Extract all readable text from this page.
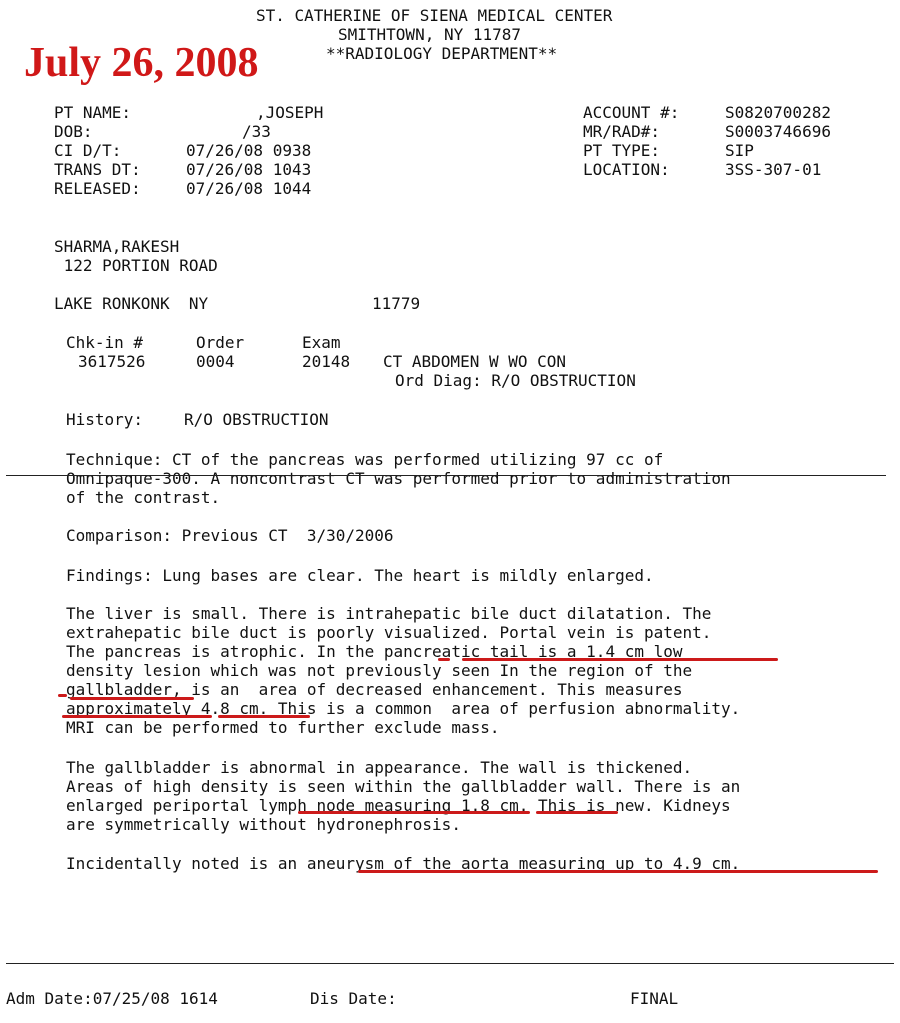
ST. CATHERINE OF SIENA MEDICAL CENTER
SMITHTOWN, NY 11787
**RADIOLOGY DEPARTMENT**
July 26, 2008
PT NAME:	,JOSEPH
DOB:	/33
CI D/T:	07/26/08 0938
TRANS DT:	07/26/08 1043
RELEASED:	07/26/08 1044
ACCOUNT #:	S0820700282
MR/RAD#:	S0003746696
PT TYPE:	SIP
LOCATION:	3SS-307-01
SHARMA,RAKESH
122 PORTION ROAD
LAKE RONKONK  NY	11779
Chk-in #	Order	Exam
3617526	0004	20148 CT ABDOMEN W WO CON
Ord Diag: R/O OBSTRUCTION
History:	R/O OBSTRUCTION
Technique: CT of the pancreas was performed utilizing 97 cc of
Omnipaque-300. A noncontrast CT was performed prior to administration
of the contrast.
Comparison: Previous CT  3/30/2006
Findings: Lung bases are clear. The heart is mildly enlarged.
The liver is small. There is intrahepatic bile duct dilatation. The
extrahepatic bile duct is poorly visualized. Portal vein is patent.
The pancreas is atrophic. In the pancreatic tail is a 1.4 cm low
density lesion which was not previously seen In the region of the
gallbladder, is an  area of decreased enhancement. This measures
approximately 4.8 cm. This is a common  area of perfusion abnormality.
MRI can be performed to further exclude mass.
The gallbladder is abnormal in appearance. The wall is thickened.
Areas of high density is seen within the gallbladder wall. There is an
enlarged periportal lymph node measuring 1.8 cm. This is new. Kidneys
are symmetrically without hydronephrosis.
Incidentally noted is an aneurysm of the aorta measuring up to 4.9 cm.
Adm Date:07/25/08 1614	Dis Date:	FINAL
